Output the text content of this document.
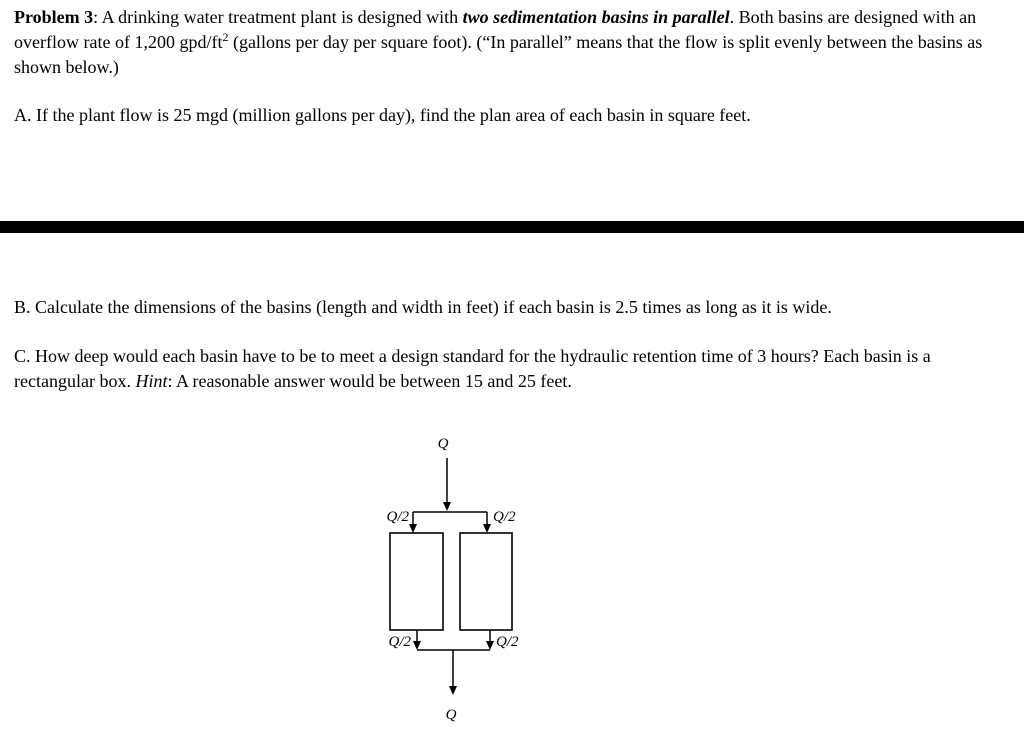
Problem 3: A drinking water treatment plant is designed with two sedimentation basins in parallel. Both basins are designed with an overflow rate of 1,200 gpd/$ft^2$ (gallons per day per square foot). (“In parallel” means that the flow is split evenly between the basins as shown below.)

A. If the plant flow is 25 mgd (million gallons per day), find the plan area of each basin in square feet.

B. Calculate the dimensions of the basins (length and width in feet) if each basin is 2.5 times as long as it is wide.

C. How deep would each basin have to be to meet a design standard for the hydraulic retention time of 3 hours? Each basin is a rectangular box. Hint: A reasonable answer would be between 15 and 25 feet.

Q
Q/2	Q/2
Q/2	Q/2
Q
